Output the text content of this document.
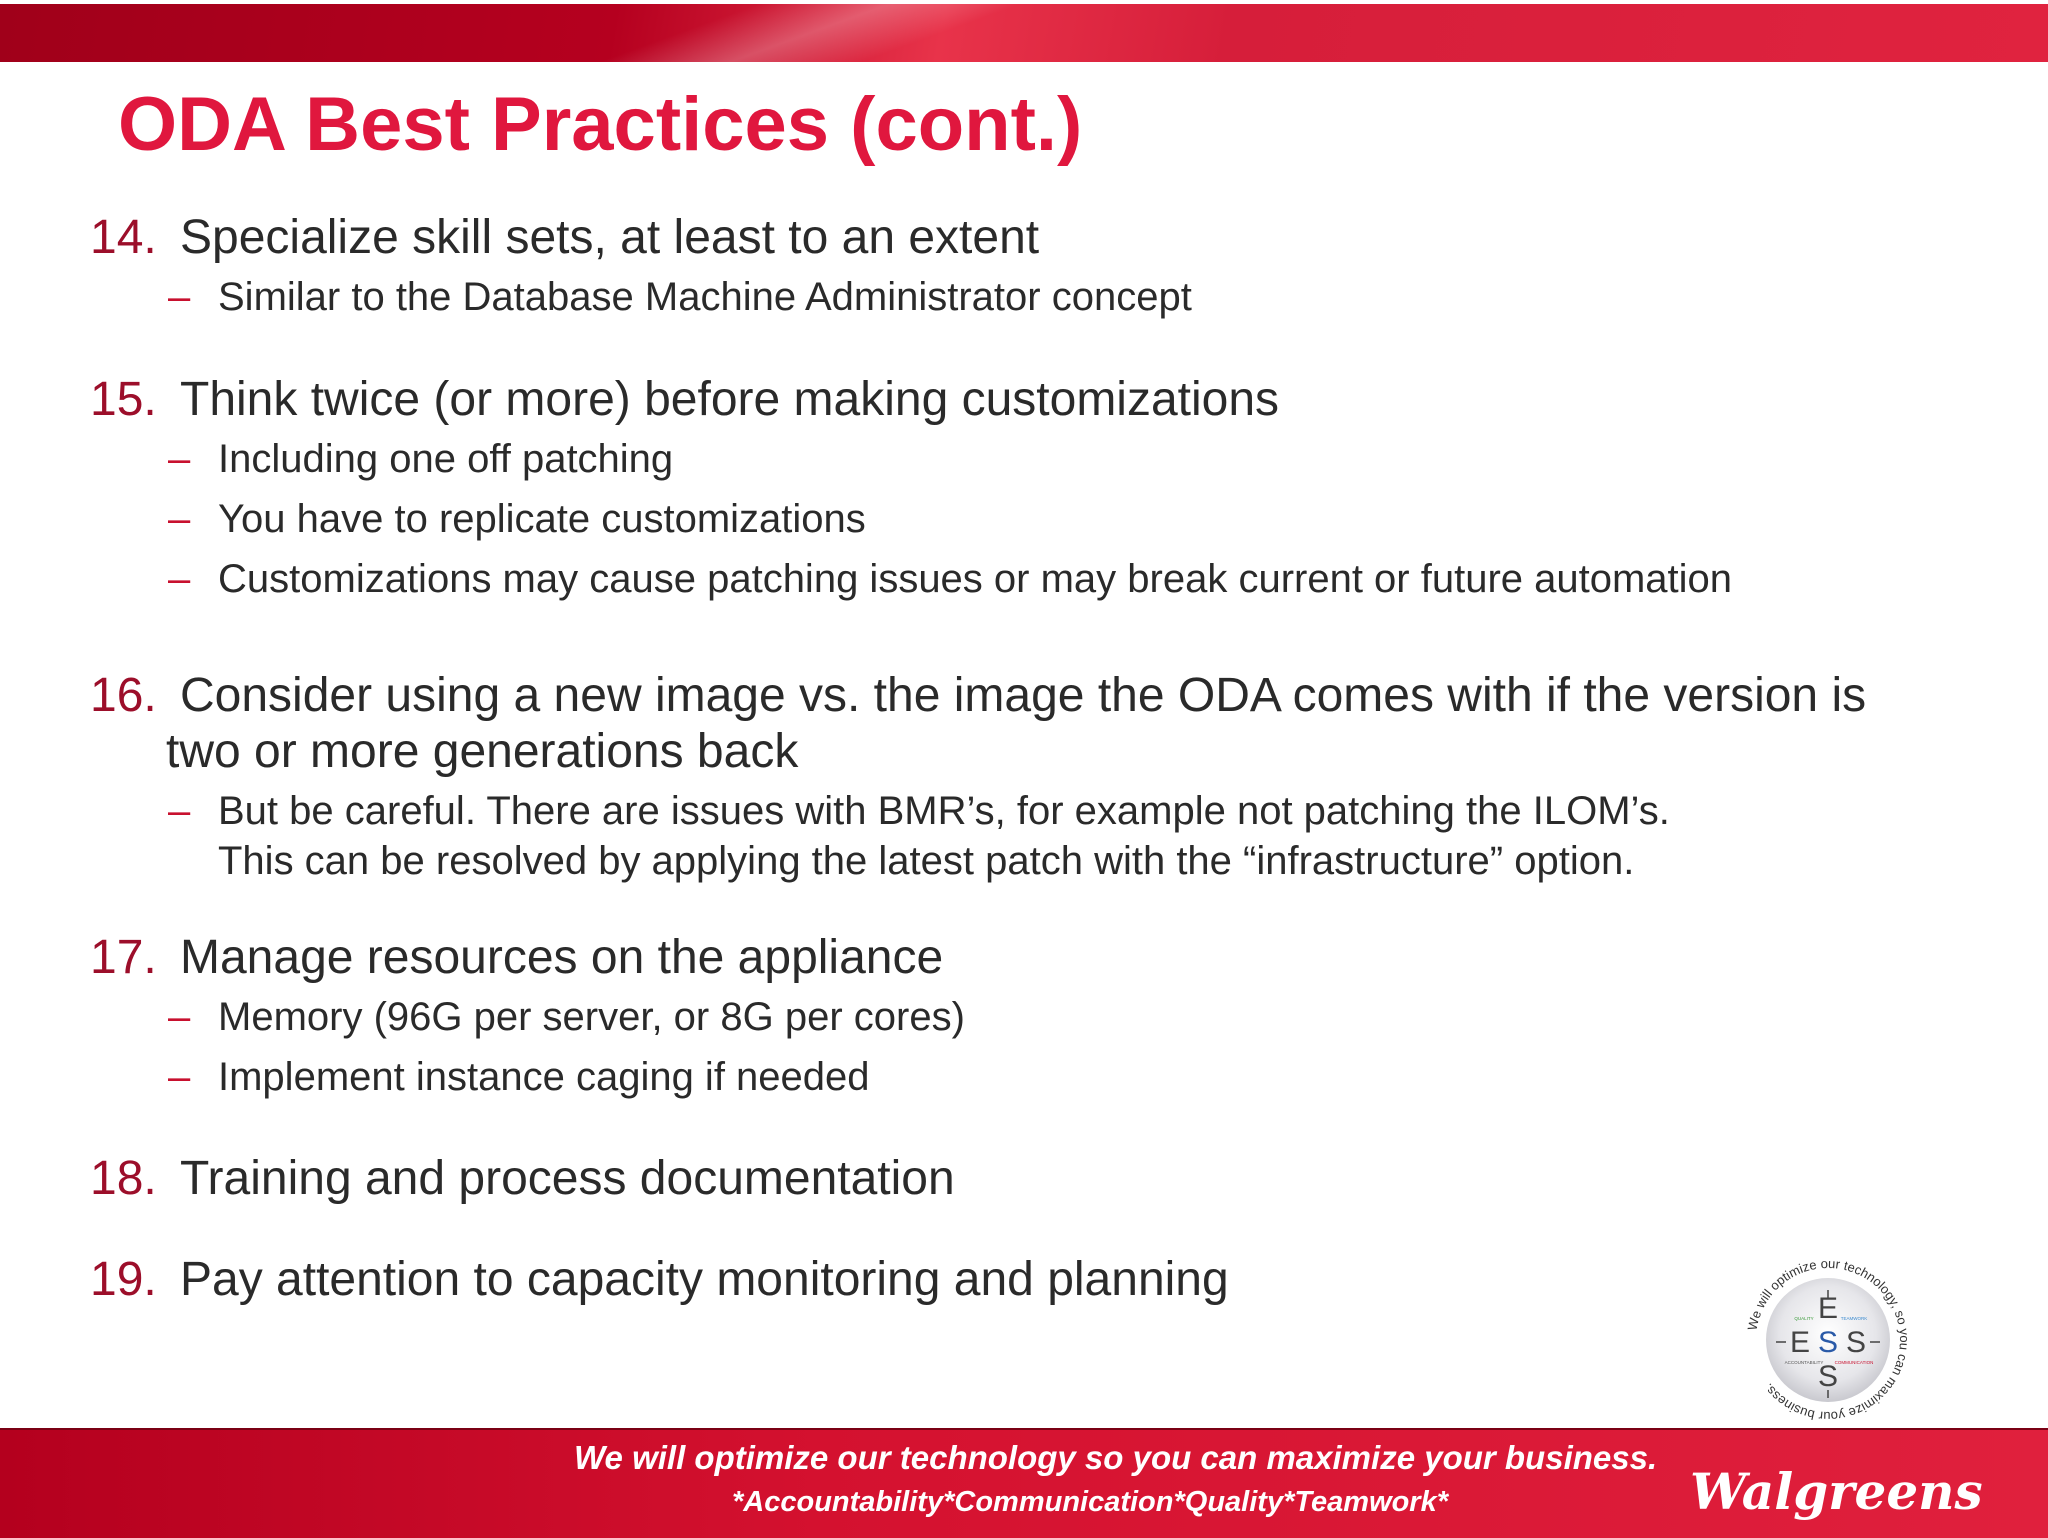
ODA Best Practices (cont.)
14. Specialize skill sets, at least to an extent
– Similar to the Database Machine Administrator concept
15. Think twice (or more) before making customizations
– Including one off patching
– You have to replicate customizations
– Customizations may cause patching issues or may break current or future automation
16. Consider using a new image vs. the image the ODA comes with if the version is
two or more generations back
– But be careful. There are issues with BMR’s, for example not patching the ILOM’s.
This can be resolved by applying the latest patch with the “infrastructure” option.
17. Manage resources on the appliance
– Memory (96G per server, or 8G per cores)
– Implement instance caging if needed
18. Training and process documentation
19. Pay attention to capacity monitoring and planning
We will optimize our technology, so you can maximize your business.
E
E S S
S
QUALITY	TEAMWORK
ACCOUNTABILITY	COMMUNICATION

We will optimize our technology so you can maximize your business.

*Accountability*Communication*Quality*Teamwork*	Walgreens
